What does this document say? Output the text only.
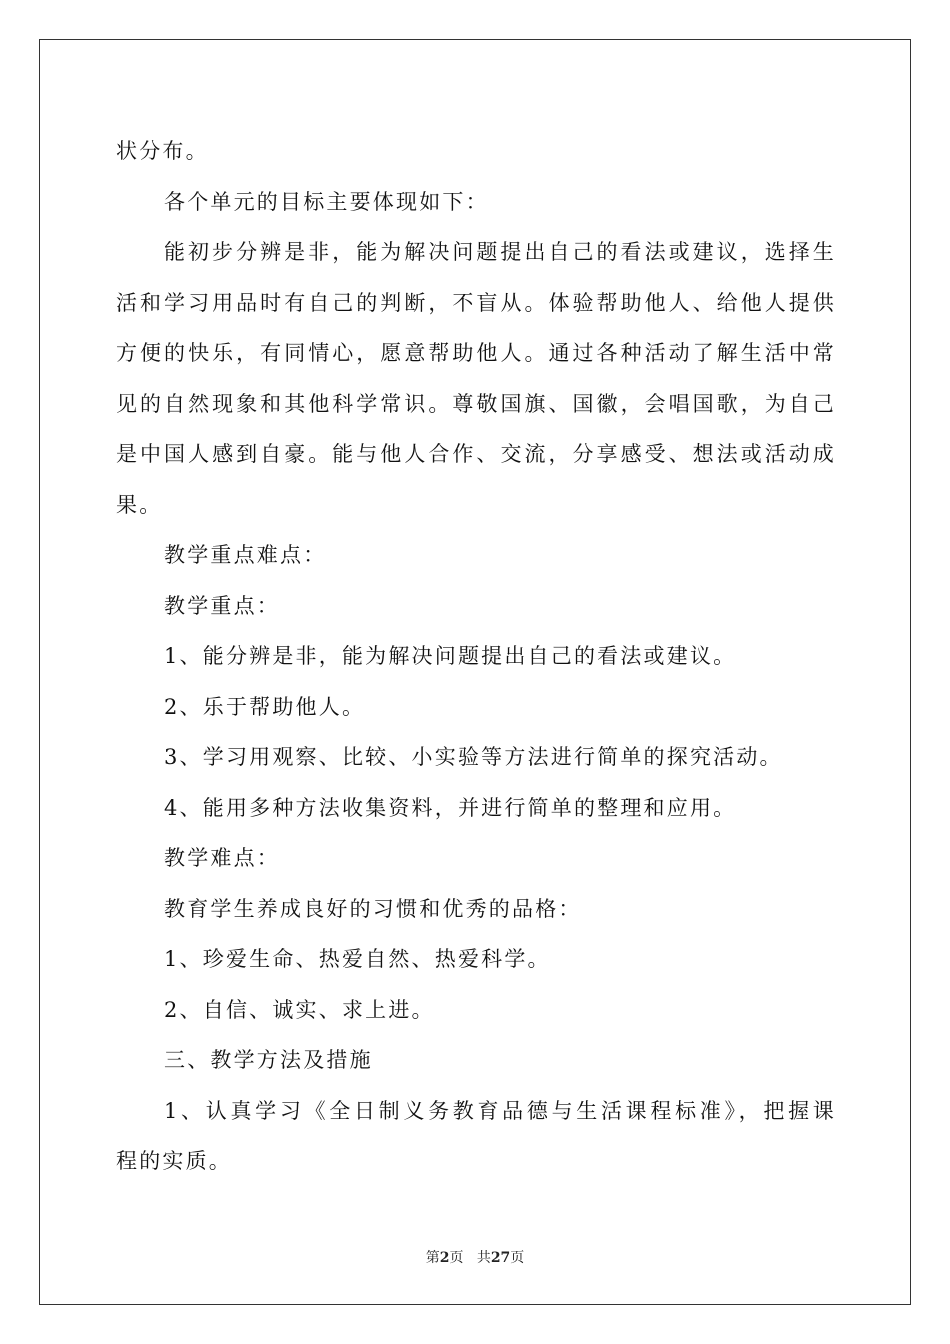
状分布。

各个单元的目标主要体现如下：

能初步分辨是非，能为解决问题提出自己的看法或建议，选择生
活和学习用品时有自己的判断，不盲从。体验帮助他人、给他人提供
方便的快乐，有同情心，愿意帮助他人。通过各种活动了解生活中常
见的自然现象和其他科学常识。尊敬国旗、国徽，会唱国歌，为自己
是中国人感到自豪。能与他人合作、交流，分享感受、想法或活动成
果。

教学重点难点：

教学重点：

1、能分辨是非，能为解决问题提出自己的看法或建议。

2、乐于帮助他人。

3、学习用观察、比较、小实验等方法进行简单的探究活动。

4、能用多种方法收集资料，并进行简单的整理和应用。

教学难点：

教育学生养成良好的习惯和优秀的品格：

1、珍爱生命、热爱自然、热爱科学。

2、自信、诚实、求上进。

三、教学方法及措施

1、认真学习《全日制义务教育品德与生活课程标准》，把握课
程的实质。

第2页 共27页
